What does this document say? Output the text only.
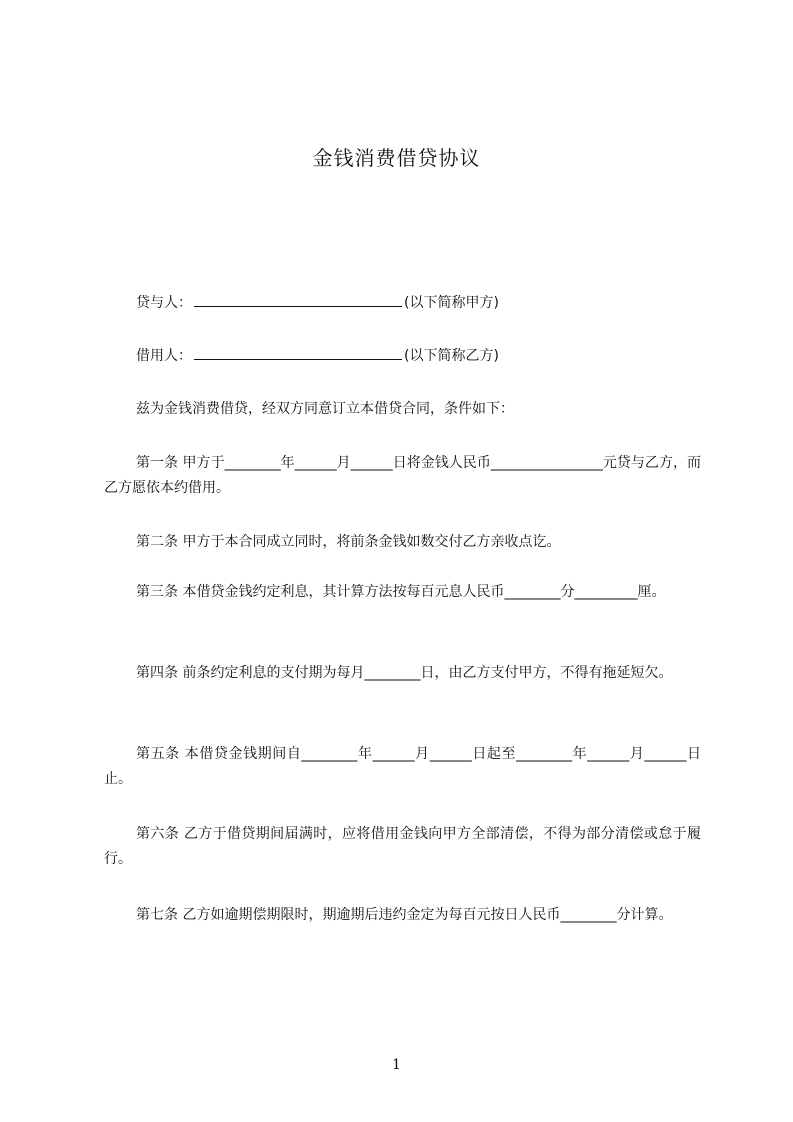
金钱消费借贷协议
贷与人：	(以下简称甲方)
借用人：	(以下简称乙方)
兹为金钱消费借贷，经双方同意订立本借贷合同，条件如下：

第一条 甲方于________年______月______日将金钱人民币________________元贷与乙方，而乙方愿依本约借用。

第二条 甲方于本合同成立同时，将前条金钱如数交付乙方亲收点讫。

第三条 本借贷金钱约定利息，其计算方法按每百元息人民币________分_________厘。

第四条 前条约定利息的支付期为每月________日，由乙方支付甲方，不得有拖延短欠。

第五条 本借贷金钱期间自________年______月______日起至________年______月______日止。

第六条 乙方于借贷期间届满时，应将借用金钱向甲方全部清偿，不得为部分清偿或怠于履行。

第七条 乙方如逾期偿期限时，期逾期后违约金定为每百元按日人民币________分计算。

1
